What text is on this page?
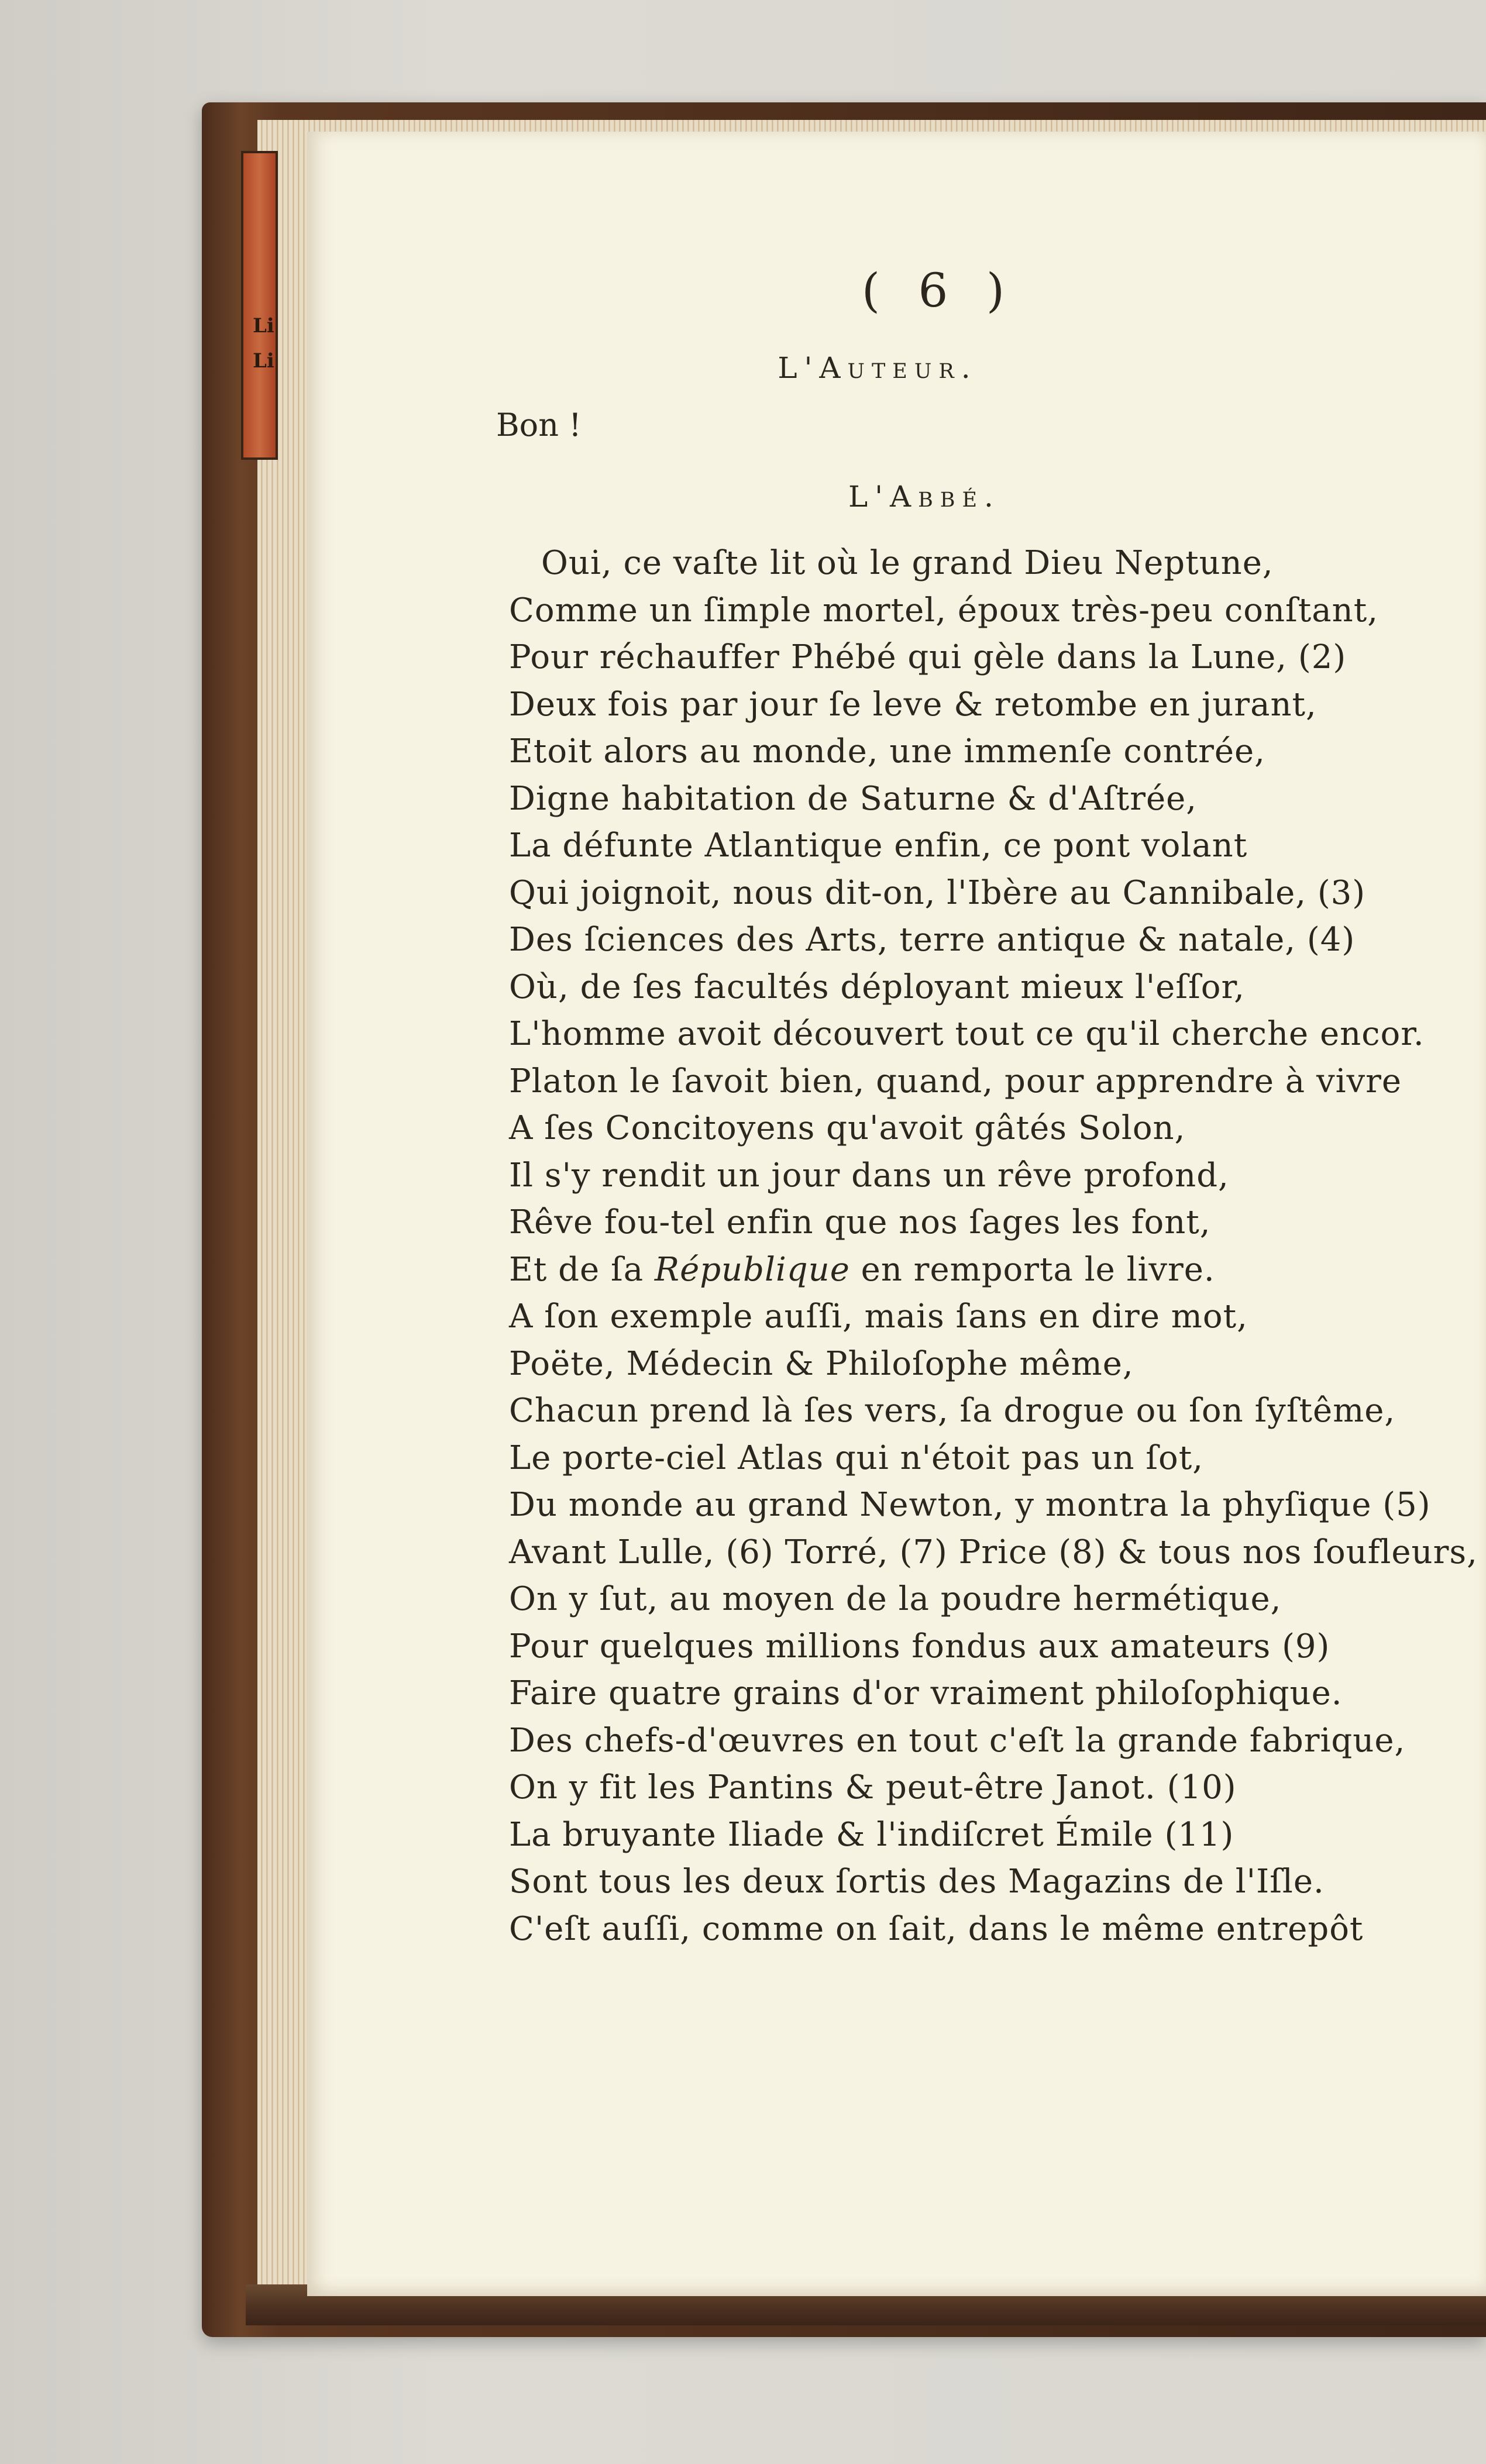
Li
Li
( 6 )
L'Auteur.
Bon !
L'Abbé.
Oui, ce vaſte lit où le grand Dieu Neptune,
Comme un ſimple mortel, époux très-peu conſtant,
Pour réchauffer Phébé qui gèle dans la Lune, (2)
Deux fois par jour ſe leve & retombe en jurant,
Etoit alors au monde, une immenſe contrée,
Digne habitation de Saturne & d'Aſtrée,
La défunte Atlantique enfin, ce pont volant
Qui joignoit, nous dit-on, l'Ibère au Cannibale, (3)
Des ſciences des Arts, terre antique & natale, (4)
Où, de ſes facultés déployant mieux l'eſſor,
L'homme avoit découvert tout ce qu'il cherche encor.
Platon le ſavoit bien, quand, pour apprendre à vivre
A ſes Concitoyens qu'avoit gâtés Solon,
Il s'y rendit un jour dans un rêve profond,
Rêve fou-tel enfin que nos ſages les font,
Et de ſa République en remporta le livre.
A ſon exemple auſſi, mais ſans en dire mot,
Poëte, Médecin & Philoſophe même,
Chacun prend là ſes vers, ſa drogue ou ſon ſyſtême,
Le porte-ciel Atlas qui n'étoit pas un ſot,
Du monde au grand Newton, y montra la phyſique (5)
Avant Lulle, (6) Torré, (7) Price (8) & tous nos ſoufleurs,
On y ſut, au moyen de la poudre hermétique,
Pour quelques millions fondus aux amateurs (9)
Faire quatre grains d'or vraiment philoſophique.
Des chefs-d'œuvres en tout c'eſt la grande fabrique,
On y fit les Pantins & peut-être Janot. (10)
La bruyante Iliade & l'indiſcret Émile (11)
Sont tous les deux ſortis des Magazins de l'Iſle.
C'eſt auſſi, comme on ſait, dans le même entrepôt
